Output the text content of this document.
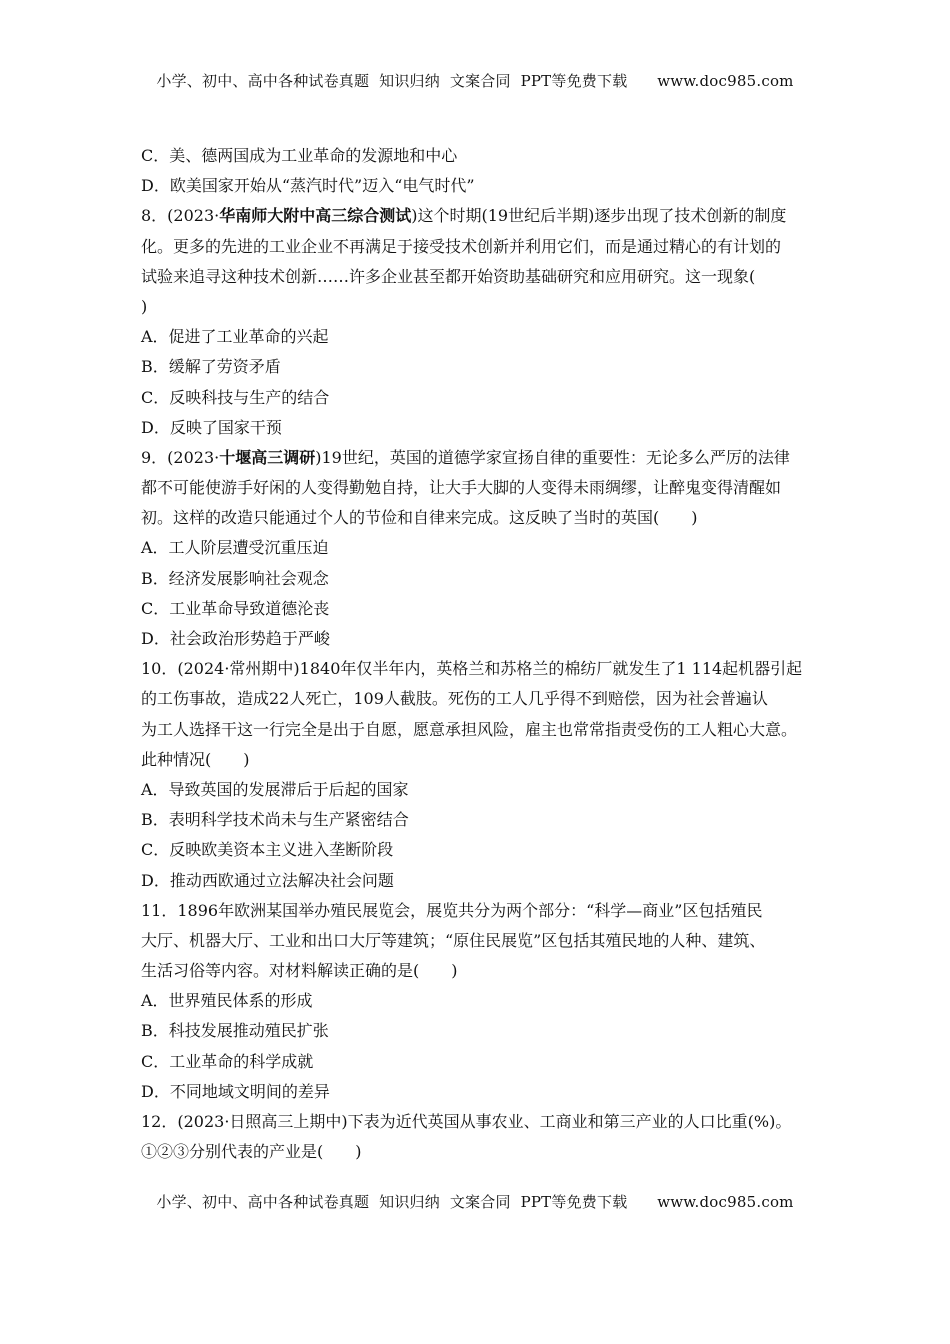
小学、初中、高中各种试卷真题  知识归纳  文案合同  PPT等免费下载      www.doc985.com
C．美、德两国成为工业革命的发源地和中心
D．欧美国家开始从“蒸汽时代”迈入“电气时代”
8．(2023·华南师大附中高三综合测试)这个时期(19世纪后半期)逐步出现了技术创新的制度
化。更多的先进的工业企业不再满足于接受技术创新并利用它们，而是通过精心的有计划的
试验来追寻这种技术创新……许多企业甚至都开始资助基础研究和应用研究。这一现象(
)
A．促进了工业革命的兴起
B．缓解了劳资矛盾
C．反映科技与生产的结合
D．反映了国家干预
9．(2023·十堰高三调研)19世纪，英国的道德学家宣扬自律的重要性：无论多么严厉的法律
都不可能使游手好闲的人变得勤勉自持，让大手大脚的人变得未雨绸缪，让醉鬼变得清醒如
初。这样的改造只能通过个人的节俭和自律来完成。这反映了当时的英国(　　)
A．工人阶层遭受沉重压迫
B．经济发展影响社会观念
C．工业革命导致道德沦丧
D．社会政治形势趋于严峻
10．(2024·常州期中)1840年仅半年内，英格兰和苏格兰的棉纺厂就发生了1 114起机器引起
的工伤事故，造成22人死亡，109人截肢。死伤的工人几乎得不到赔偿，因为社会普遍认
为工人选择干这一行完全是出于自愿，愿意承担风险，雇主也常常指责受伤的工人粗心大意。
此种情况(　　)
A．导致英国的发展滞后于后起的国家
B．表明科学技术尚未与生产紧密结合
C．反映欧美资本主义进入垄断阶段
D．推动西欧通过立法解决社会问题
11．1896年欧洲某国举办殖民展览会，展览共分为两个部分：“科学—商业”区包括殖民
大厅、机器大厅、工业和出口大厅等建筑；“原住民展览”区包括其殖民地的人种、建筑、
生活习俗等内容。对材料解读正确的是(　　)
A．世界殖民体系的形成
B．科技发展推动殖民扩张
C．工业革命的科学成就
D．不同地域文明间的差异
12．(2023·日照高三上期中)下表为近代英国从事农业、工商业和第三产业的人口比重(%)。
①②③分别代表的产业是(　　)
小学、初中、高中各种试卷真题  知识归纳  文案合同  PPT等免费下载      www.doc985.com
